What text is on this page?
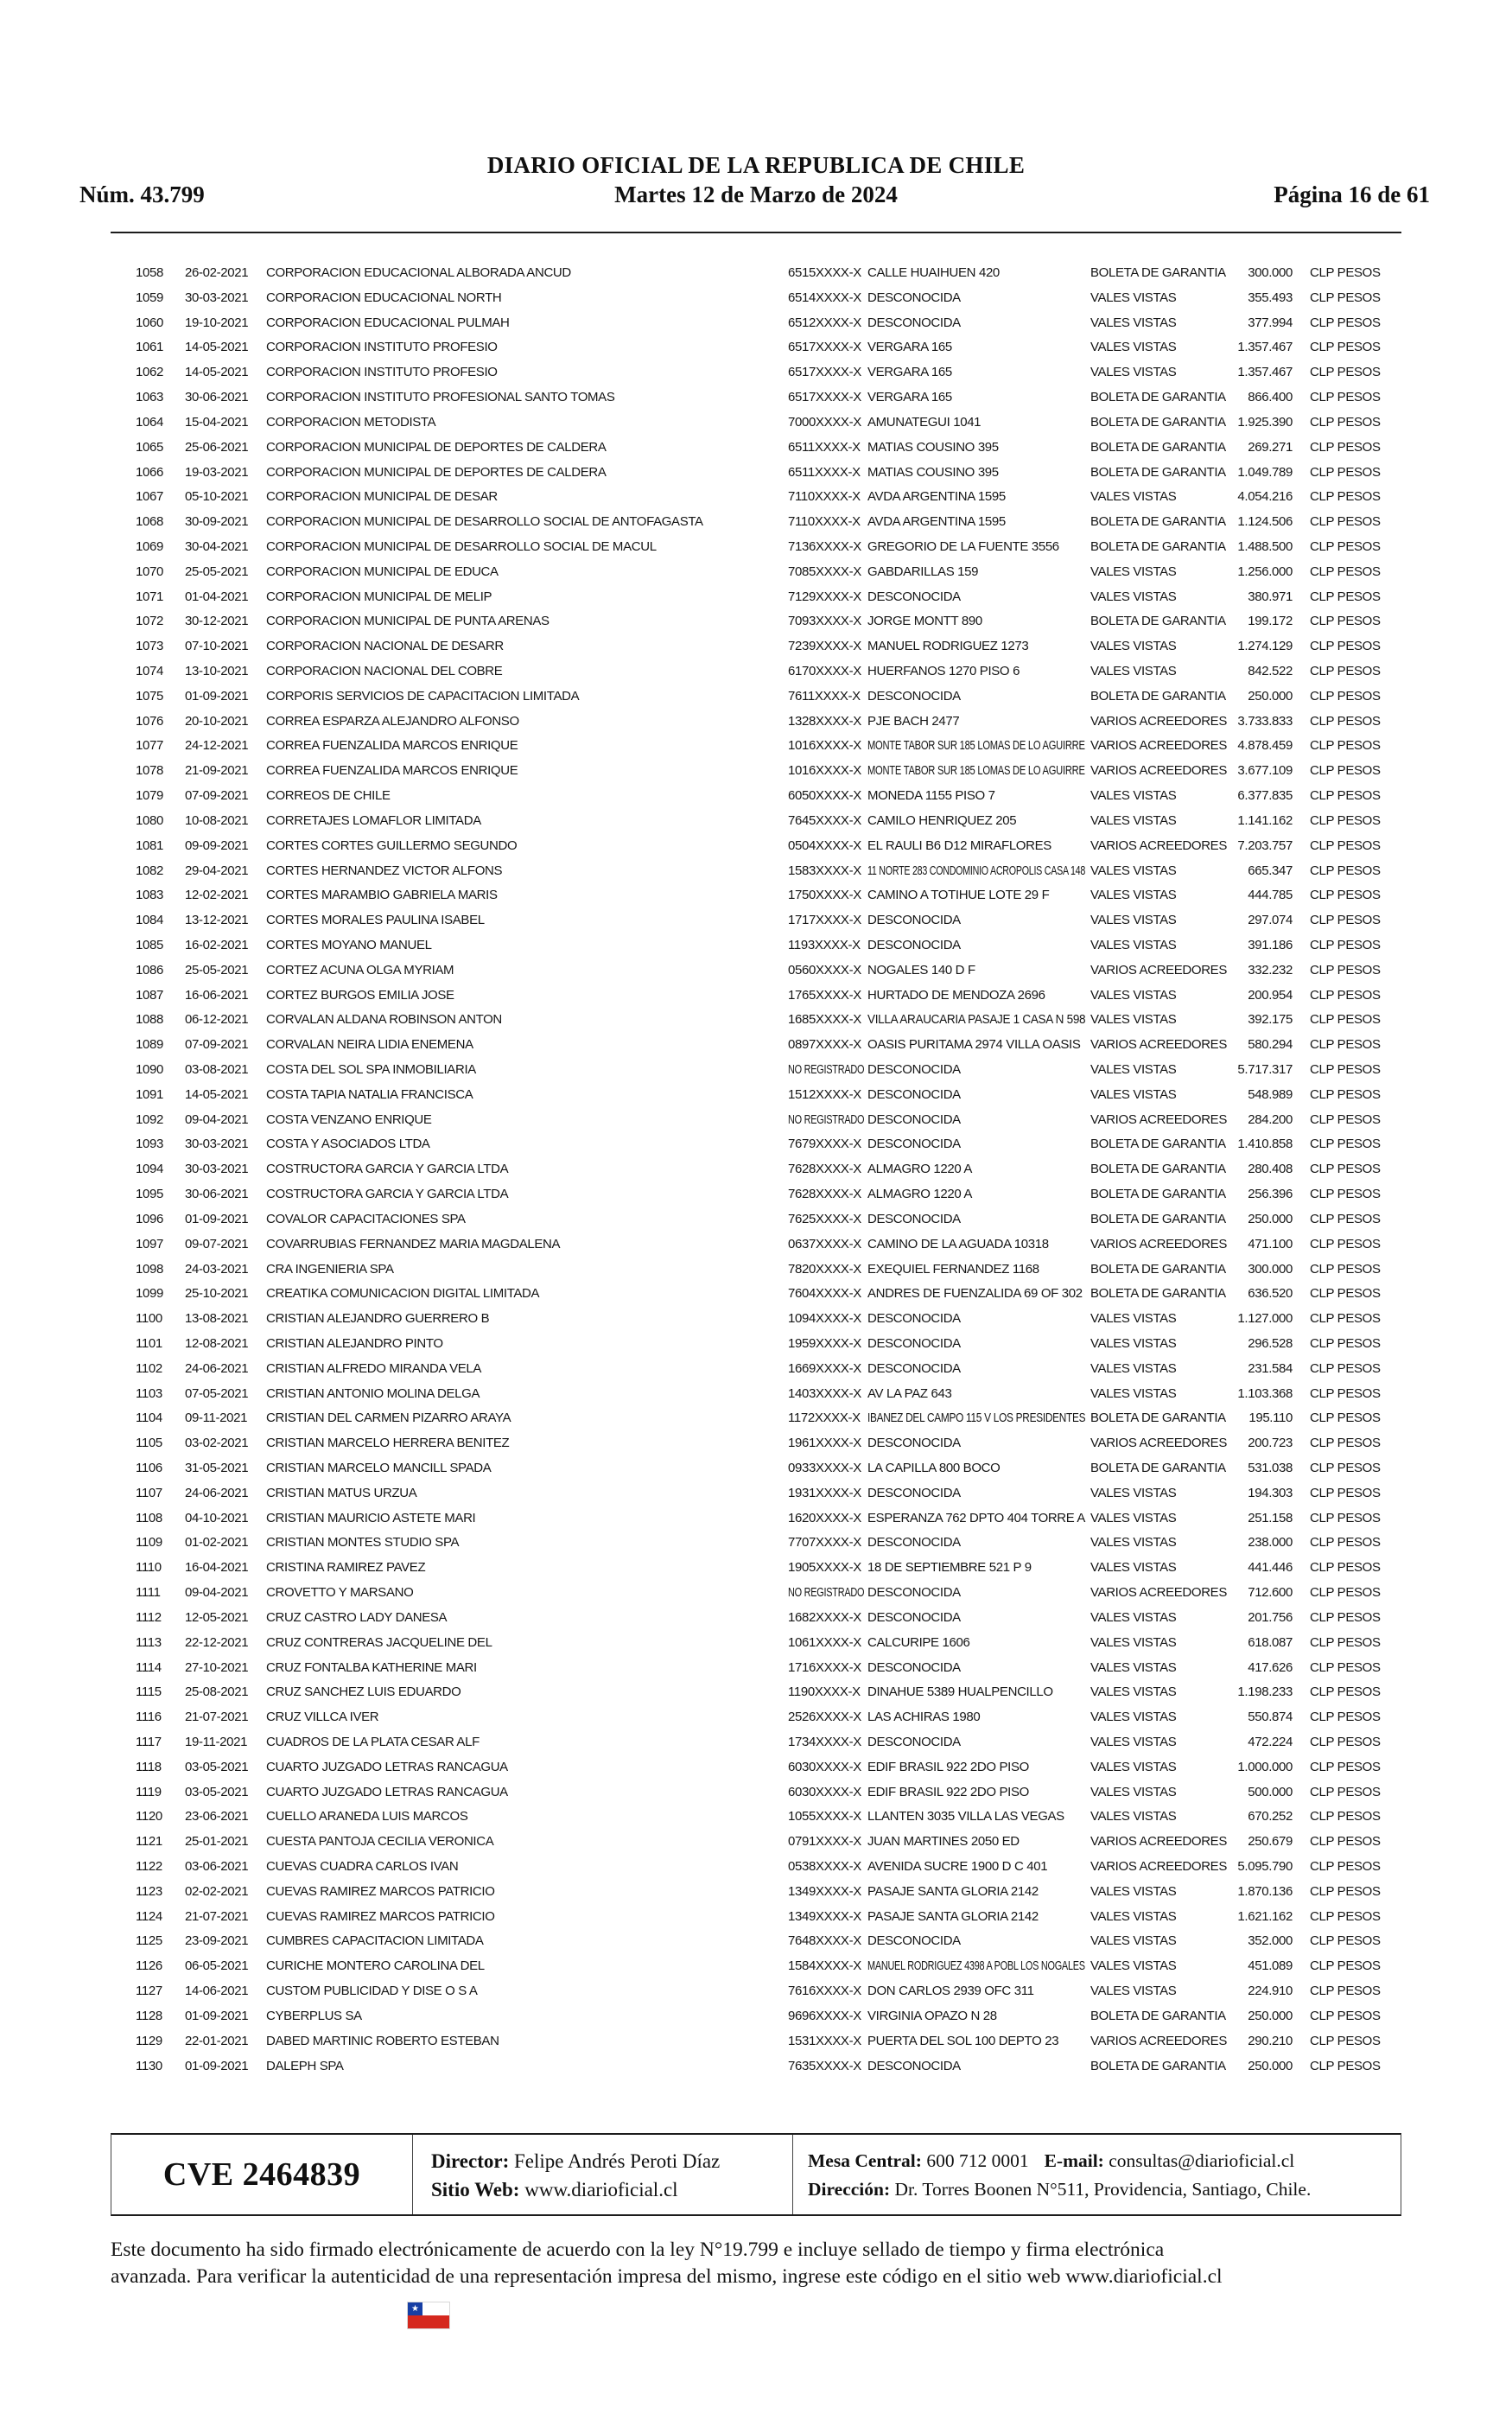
Núm. 43.799
DIARIO OFICIAL DE LA REPUBLICA DE CHILE
Martes 12 de Marzo de 2024	Página 16 de 61
1058 26-02-2021 CORPORACION EDUCACIONAL ALBORADA ANCUD	6515XXXX-X CALLE HUAIHUEN 420	BOLETA DE GARANTIA	300.000 CLP PESOS
1059 30-03-2021 CORPORACION EDUCACIONAL NORTH	6514XXXX-X DESCONOCIDA	VALES VISTAS	355.493 CLP PESOS
1060 19-10-2021 CORPORACION EDUCACIONAL PULMAH	6512XXXX-X DESCONOCIDA	VALES VISTAS	377.994 CLP PESOS
1061 14-05-2021 CORPORACION INSTITUTO PROFESIO	6517XXXX-X VERGARA 165	VALES VISTAS	1.357.467 CLP PESOS
1062 14-05-2021 CORPORACION INSTITUTO PROFESIO	6517XXXX-X VERGARA 165	VALES VISTAS	1.357.467 CLP PESOS
1063 30-06-2021 CORPORACION INSTITUTO PROFESIONAL SANTO TOMAS	6517XXXX-X VERGARA 165	BOLETA DE GARANTIA	866.400 CLP PESOS
1064 15-04-2021 CORPORACION METODISTA	7000XXXX-X AMUNATEGUI 1041	BOLETA DE GARANTIA 1.925.390 CLP PESOS
1065 25-06-2021 CORPORACION MUNICIPAL DE DEPORTES DE CALDERA	6511XXXX-X MATIAS COUSINO 395	BOLETA DE GARANTIA	269.271 CLP PESOS
1066 19-03-2021 CORPORACION MUNICIPAL DE DEPORTES DE CALDERA	6511XXXX-X MATIAS COUSINO 395	BOLETA DE GARANTIA 1.049.789 CLP PESOS
1067 05-10-2021 CORPORACION MUNICIPAL DE DESAR	7110XXXX-X AVDA ARGENTINA 1595	VALES VISTAS	4.054.216 CLP PESOS
1068 30-09-2021 CORPORACION MUNICIPAL DE DESARROLLO SOCIAL DE ANTOFAGASTA	7110XXXX-X AVDA ARGENTINA 1595	BOLETA DE GARANTIA 1.124.506 CLP PESOS
1069 30-04-2021 CORPORACION MUNICIPAL DE DESARROLLO SOCIAL DE MACUL	7136XXXX-X GREGORIO DE LA FUENTE 3556 BOLETA DE GARANTIA 1.488.500 CLP PESOS
1070 25-05-2021 CORPORACION MUNICIPAL DE EDUCA	7085XXXX-X GABDARILLAS 159	VALES VISTAS	1.256.000 CLP PESOS
1071 01-04-2021 CORPORACION MUNICIPAL DE MELIP	7129XXXX-X DESCONOCIDA	VALES VISTAS	380.971 CLP PESOS
1072 30-12-2021 CORPORACION MUNICIPAL DE PUNTA ARENAS	7093XXXX-X JORGE MONTT 890	BOLETA DE GARANTIA	199.172 CLP PESOS
1073 07-10-2021 CORPORACION NACIONAL DE DESARR	7239XXXX-X MANUEL RODRIGUEZ 1273	VALES VISTAS	1.274.129 CLP PESOS
1074 13-10-2021 CORPORACION NACIONAL DEL COBRE	6170XXXX-X HUERFANOS 1270 PISO 6	VALES VISTAS	842.522 CLP PESOS
1075 01-09-2021 CORPORIS SERVICIOS DE CAPACITACION LIMITADA	7611XXXX-X DESCONOCIDA	BOLETA DE GARANTIA	250.000 CLP PESOS
1076 20-10-2021 CORREA ESPARZA ALEJANDRO ALFONSO	1328XXXX-X PJE BACH 2477	VARIOS ACREEDORES 3.733.833 CLP PESOS
1077 24-12-2021 CORREA FUENZALIDA MARCOS ENRIQUE	1016XXXX-X MONTE TABOR SUR 185 LOMAS DE LO AGUIRRE VARIOS ACREEDORES 4.878.459 CLP PESOS
1078 21-09-2021 CORREA FUENZALIDA MARCOS ENRIQUE	1016XXXX-X MONTE TABOR SUR 185 LOMAS DE LO AGUIRRE VARIOS ACREEDORES 3.677.109 CLP PESOS
1079 07-09-2021 CORREOS DE CHILE	6050XXXX-X MONEDA 1155 PISO 7	VALES VISTAS	6.377.835 CLP PESOS
1080 10-08-2021 CORRETAJES LOMAFLOR LIMITADA	7645XXXX-X CAMILO HENRIQUEZ 205	VALES VISTAS	1.141.162 CLP PESOS
1081 09-09-2021 CORTES CORTES GUILLERMO SEGUNDO	0504XXXX-X EL RAULI B6 D12 MIRAFLORES	VARIOS ACREEDORES 7.203.757 CLP PESOS
1082 29-04-2021 CORTES HERNANDEZ VICTOR ALFONS	1583XXXX-X 11 NORTE 283 CONDOMINIO ACROPOLIS CASA 148 VALES VISTAS	665.347 CLP PESOS
1083 12-02-2021 CORTES MARAMBIO GABRIELA MARIS	1750XXXX-X CAMINO A TOTIHUE LOTE 29 F	VALES VISTAS	444.785 CLP PESOS
1084 13-12-2021 CORTES MORALES PAULINA ISABEL	1717XXXX-X DESCONOCIDA	VALES VISTAS	297.074 CLP PESOS
1085 16-02-2021 CORTES MOYANO MANUEL	1193XXXX-X DESCONOCIDA	VALES VISTAS	391.186 CLP PESOS
1086 25-05-2021 CORTEZ ACUNA OLGA MYRIAM	0560XXXX-X NOGALES 140 D F	VARIOS ACREEDORES	332.232 CLP PESOS
1087 16-06-2021 CORTEZ BURGOS EMILIA JOSE	1765XXXX-X HURTADO DE MENDOZA 2696	VALES VISTAS	200.954 CLP PESOS
1088 06-12-2021 CORVALAN ALDANA ROBINSON ANTON	1685XXXX-X VILLA ARAUCARIA PASAJE 1 CASA N 598 VALES VISTAS	392.175 CLP PESOS
1089 07-09-2021 CORVALAN NEIRA LIDIA ENEMENA	0897XXXX-X OASIS PURITAMA 2974 VILLA OASIS VARIOS ACREEDORES	580.294 CLP PESOS
1090 03-08-2021 COSTA DEL SOL SPA INMOBILIARIA	NO REGISTRADO DESCONOCIDA	VALES VISTAS	5.717.317 CLP PESOS
1091 14-05-2021 COSTA TAPIA NATALIA FRANCISCA	1512XXXX-X DESCONOCIDA	VALES VISTAS	548.989 CLP PESOS
1092 09-04-2021 COSTA VENZANO ENRIQUE	NO REGISTRADO DESCONOCIDA	VARIOS ACREEDORES	284.200 CLP PESOS
1093 30-03-2021 COSTA Y ASOCIADOS LTDA	7679XXXX-X DESCONOCIDA	BOLETA DE GARANTIA 1.410.858 CLP PESOS
1094 30-03-2021 COSTRUCTORA GARCIA Y GARCIA LTDA	7628XXXX-X ALMAGRO 1220 A	BOLETA DE GARANTIA	280.408 CLP PESOS
1095 30-06-2021 COSTRUCTORA GARCIA Y GARCIA LTDA	7628XXXX-X ALMAGRO 1220 A	BOLETA DE GARANTIA	256.396 CLP PESOS
1096 01-09-2021 COVALOR CAPACITACIONES SPA	7625XXXX-X DESCONOCIDA	BOLETA DE GARANTIA	250.000 CLP PESOS
1097 09-07-2021 COVARRUBIAS FERNANDEZ MARIA MAGDALENA	0637XXXX-X CAMINO DE LA AGUADA 10318	VARIOS ACREEDORES	471.100 CLP PESOS
1098 24-03-2021 CRA INGENIERIA SPA	7820XXXX-X EXEQUIEL FERNANDEZ 1168	BOLETA DE GARANTIA	300.000 CLP PESOS
1099 25-10-2021 CREATIKA COMUNICACION DIGITAL LIMITADA	7604XXXX-X ANDRES DE FUENZALIDA 69 OF 302 BOLETA DE GARANTIA	636.520 CLP PESOS
1100 13-08-2021 CRISTIAN ALEJANDRO GUERRERO B	1094XXXX-X DESCONOCIDA	VALES VISTAS	1.127.000 CLP PESOS
1101 12-08-2021 CRISTIAN ALEJANDRO PINTO	1959XXXX-X DESCONOCIDA	VALES VISTAS	296.528 CLP PESOS
1102 24-06-2021 CRISTIAN ALFREDO MIRANDA VELA	1669XXXX-X DESCONOCIDA	VALES VISTAS	231.584 CLP PESOS
1103 07-05-2021 CRISTIAN ANTONIO MOLINA DELGA	1403XXXX-X AV LA PAZ 643	VALES VISTAS	1.103.368 CLP PESOS
1104 09-11-2021 CRISTIAN DEL CARMEN PIZARRO ARAYA	1172XXXX-X IBANEZ DEL CAMPO 115 V LOS PRESIDENTES BOLETA DE GARANTIA	195.110 CLP PESOS
1105 03-02-2021 CRISTIAN MARCELO HERRERA BENITEZ	1961XXXX-X DESCONOCIDA	VARIOS ACREEDORES	200.723 CLP PESOS
1106 31-05-2021 CRISTIAN MARCELO MANCILL SPADA	0933XXXX-X LA CAPILLA 800 BOCO	BOLETA DE GARANTIA	531.038 CLP PESOS
1107 24-06-2021 CRISTIAN MATUS URZUA	1931XXXX-X DESCONOCIDA	VALES VISTAS	194.303 CLP PESOS
1108 04-10-2021 CRISTIAN MAURICIO ASTETE MARI	1620XXXX-X ESPERANZA 762 DPTO 404 TORRE A VALES VISTAS	251.158 CLP PESOS
1109 01-02-2021 CRISTIAN MONTES STUDIO SPA	7707XXXX-X DESCONOCIDA	VALES VISTAS	238.000 CLP PESOS
1110 16-04-2021 CRISTINA RAMIREZ PAVEZ	1905XXXX-X 18 DE SEPTIEMBRE 521 P 9	VALES VISTAS	441.446 CLP PESOS
1111 09-04-2021 CROVETTO Y MARSANO	NO REGISTRADO DESCONOCIDA	VARIOS ACREEDORES	712.600 CLP PESOS
1112 12-05-2021 CRUZ CASTRO LADY DANESA	1682XXXX-X DESCONOCIDA	VALES VISTAS	201.756 CLP PESOS
1113 22-12-2021 CRUZ CONTRERAS JACQUELINE DEL	1061XXXX-X CALCURIPE 1606	VALES VISTAS	618.087 CLP PESOS
1114 27-10-2021 CRUZ FONTALBA KATHERINE MARI	1716XXXX-X DESCONOCIDA	VALES VISTAS	417.626 CLP PESOS
1115 25-08-2021 CRUZ SANCHEZ LUIS EDUARDO	1190XXXX-X DINAHUE 5389 HUALPENCILLO	VALES VISTAS	1.198.233 CLP PESOS
1116 21-07-2021 CRUZ VILLCA IVER	2526XXXX-X LAS ACHIRAS 1980	VALES VISTAS	550.874 CLP PESOS
1117 19-11-2021 CUADROS DE LA PLATA CESAR ALF	1734XXXX-X DESCONOCIDA	VALES VISTAS	472.224 CLP PESOS
1118 03-05-2021 CUARTO JUZGADO LETRAS RANCAGUA	6030XXXX-X EDIF BRASIL 922 2DO PISO	VALES VISTAS	1.000.000 CLP PESOS
1119 03-05-2021 CUARTO JUZGADO LETRAS RANCAGUA	6030XXXX-X EDIF BRASIL 922 2DO PISO	VALES VISTAS	500.000 CLP PESOS
1120 23-06-2021 CUELLO ARANEDA LUIS MARCOS	1055XXXX-X LLANTEN 3035 VILLA LAS VEGAS VALES VISTAS	670.252 CLP PESOS
1121 25-01-2021 CUESTA PANTOJA CECILIA VERONICA	0791XXXX-X JUAN MARTINES 2050 ED	VARIOS ACREEDORES	250.679 CLP PESOS
1122 03-06-2021 CUEVAS CUADRA CARLOS IVAN	0538XXXX-X AVENIDA SUCRE 1900 D C 401	VARIOS ACREEDORES 5.095.790 CLP PESOS
1123 02-02-2021 CUEVAS RAMIREZ MARCOS PATRICIO	1349XXXX-X PASAJE SANTA GLORIA 2142	VALES VISTAS	1.870.136 CLP PESOS
1124 21-07-2021 CUEVAS RAMIREZ MARCOS PATRICIO	1349XXXX-X PASAJE SANTA GLORIA 2142	VALES VISTAS	1.621.162 CLP PESOS
1125 23-09-2021 CUMBRES CAPACITACION LIMITADA	7648XXXX-X DESCONOCIDA	VALES VISTAS	352.000 CLP PESOS
1126 06-05-2021 CURICHE MONTERO CAROLINA DEL	1584XXXX-X MANUEL RODRIGUEZ 4398 A POBL LOS NOGALES VALES VISTAS	451.089 CLP PESOS
1127 14-06-2021 CUSTOM PUBLICIDAD Y DISE O S A	7616XXXX-X DON CARLOS 2939 OFC 311	VALES VISTAS	224.910 CLP PESOS
1128 01-09-2021 CYBERPLUS SA	9696XXXX-X VIRGINIA OPAZO N 28	BOLETA DE GARANTIA	250.000 CLP PESOS
1129 22-01-2021 DABED MARTINIC ROBERTO ESTEBAN	1531XXXX-X PUERTA DEL SOL 100 DEPTO 23 VARIOS ACREEDORES	290.210 CLP PESOS
1130 01-09-2021 DALEPH SPA	7635XXXX-X DESCONOCIDA	BOLETA DE GARANTIA	250.000 CLP PESOS
CVE 2464839	Director: Felipe Andrés Peroti Díaz
Sitio Web: www.diarioficial.cl
Mesa Central: 600 712 0001 E-mail: consultas@diarioficial.cl
Dirección: Dr. Torres Boonen N°511, Providencia, Santiago, Chile.
Este documento ha sido firmado electrónicamente de acuerdo con la ley N°19.799 e incluye sellado de tiempo y firma electrónica
avanzada. Para verificar la autenticidad de una representación impresa del mismo, ingrese este código en el sitio web www.diarioficial.cl
★
